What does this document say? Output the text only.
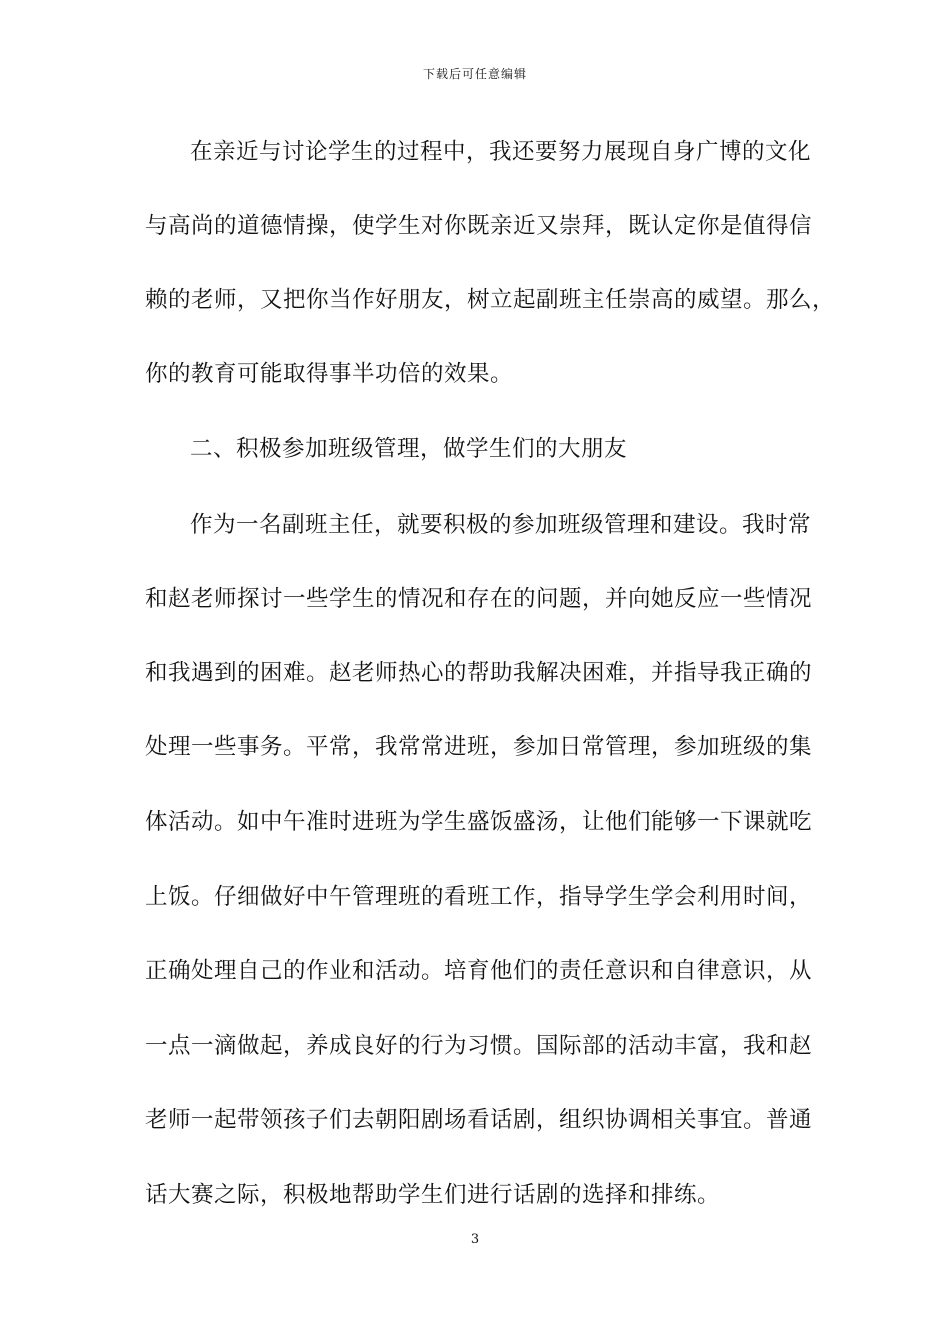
下载后可任意编辑
在亲近与讨论学生的过程中，我还要努力展现自身广博的文化
与高尚的道德情操，使学生对你既亲近又崇拜，既认定你是值得信
赖的老师，又把你当作好朋友，树立起副班主任崇高的威望。那么，
你的教育可能取得事半功倍的效果。
二、积极参加班级管理，做学生们的大朋友
作为一名副班主任，就要积极的参加班级管理和建设。我时常
和赵老师探讨一些学生的情况和存在的问题，并向她反应一些情况
和我遇到的困难。赵老师热心的帮助我解决困难，并指导我正确的
处理一些事务。平常，我常常进班，参加日常管理，参加班级的集
体活动。如中午准时进班为学生盛饭盛汤，让他们能够一下课就吃
上饭。仔细做好中午管理班的看班工作，指导学生学会利用时间，
正确处理自己的作业和活动。培育他们的责任意识和自律意识，从
一点一滴做起，养成良好的行为习惯。国际部的活动丰富，我和赵
老师一起带领孩子们去朝阳剧场看话剧，组织协调相关事宜。普通
话大赛之际，积极地帮助学生们进行话剧的选择和排练。
3
